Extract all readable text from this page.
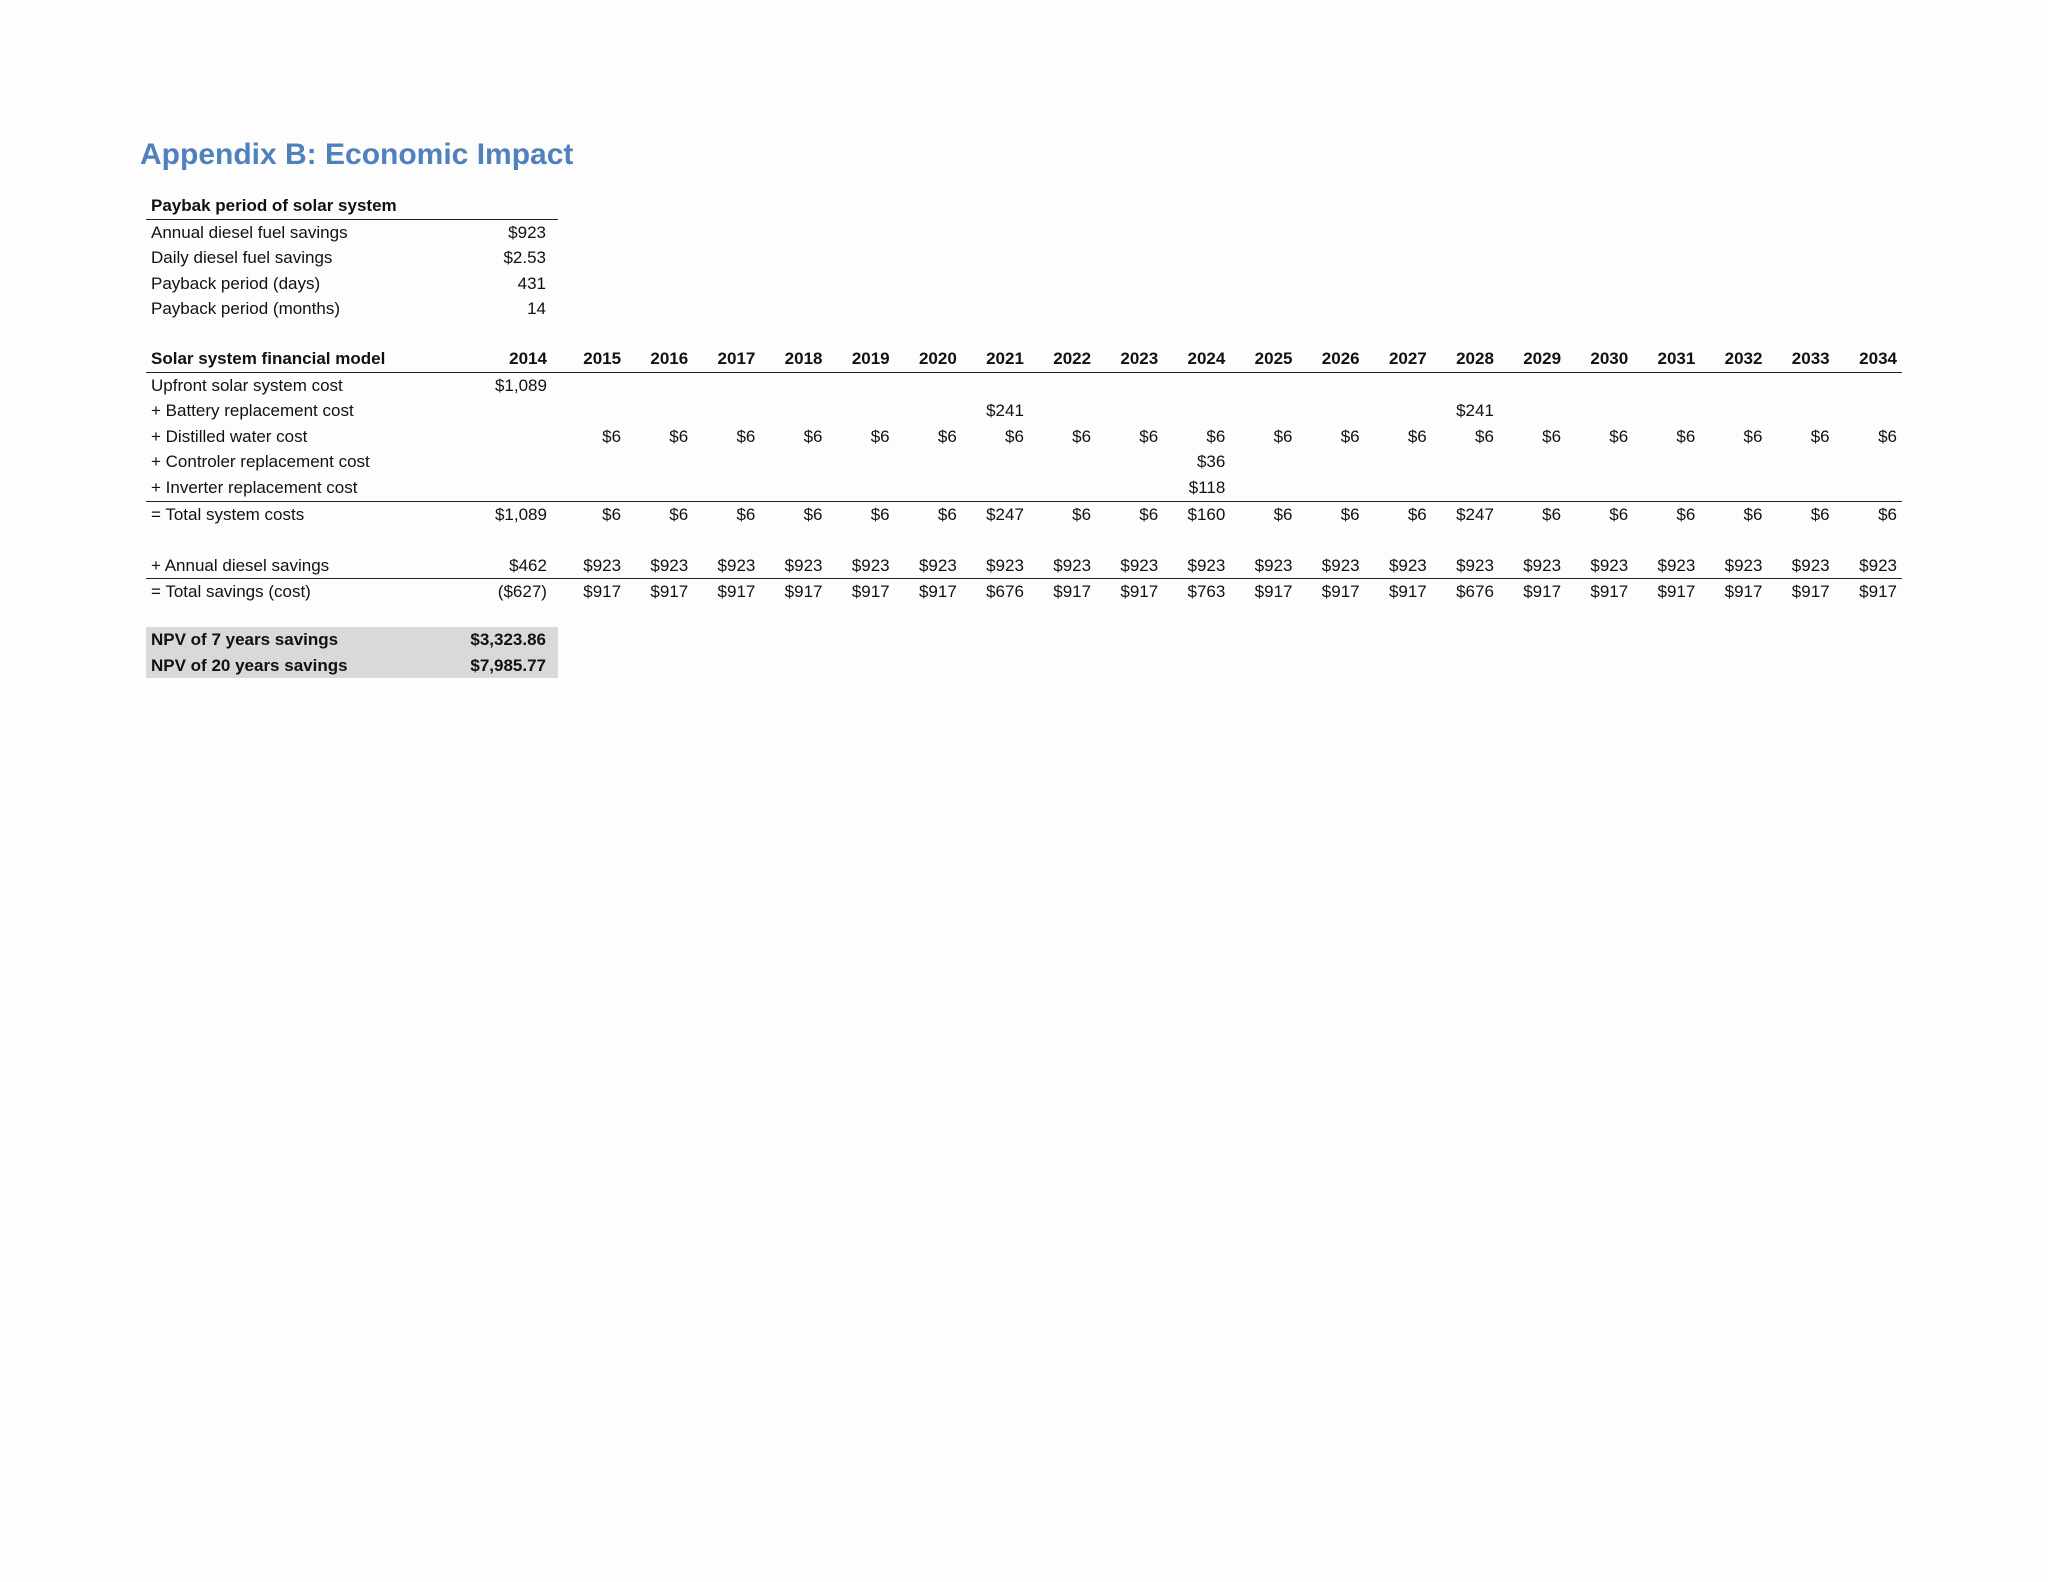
Appendix B: Economic Impact
Paybak period of solar system	
Annual diesel fuel savings	$923
Daily diesel fuel savings	$2.53
Payback period (days)	431
Payback period (months)	14
Solar system financial model	2014	2015	2016	2017	2018	2019	2020	2021	2022	2023	2024	2025	2026	2027	2028	2029	2030	2031	2032	2033	2034
Upfront solar system cost	$1,089																				
+ Battery replacement cost								$241							$241						
+ Distilled water cost		$6	$6	$6	$6	$6	$6	$6	$6	$6	$6	$6	$6	$6	$6	$6	$6	$6	$6	$6	$6
+ Controler replacement cost											$36										
+ Inverter replacement cost											$118										
= Total system costs	$1,089	$6	$6	$6	$6	$6	$6	$247	$6	$6	$160	$6	$6	$6	$247	$6	$6	$6	$6	$6	$6

+ Annual diesel savings	$462	$923	$923	$923	$923	$923	$923	$923	$923	$923	$923	$923	$923	$923	$923	$923	$923	$923	$923	$923	$923
= Total savings (cost)	($627)	$917	$917	$917	$917	$917	$917	$676	$917	$917	$763	$917	$917	$917	$676	$917	$917	$917	$917	$917	$917
NPV of 7 years savings	$3,323.86
NPV of 20 years savings	$7,985.77
